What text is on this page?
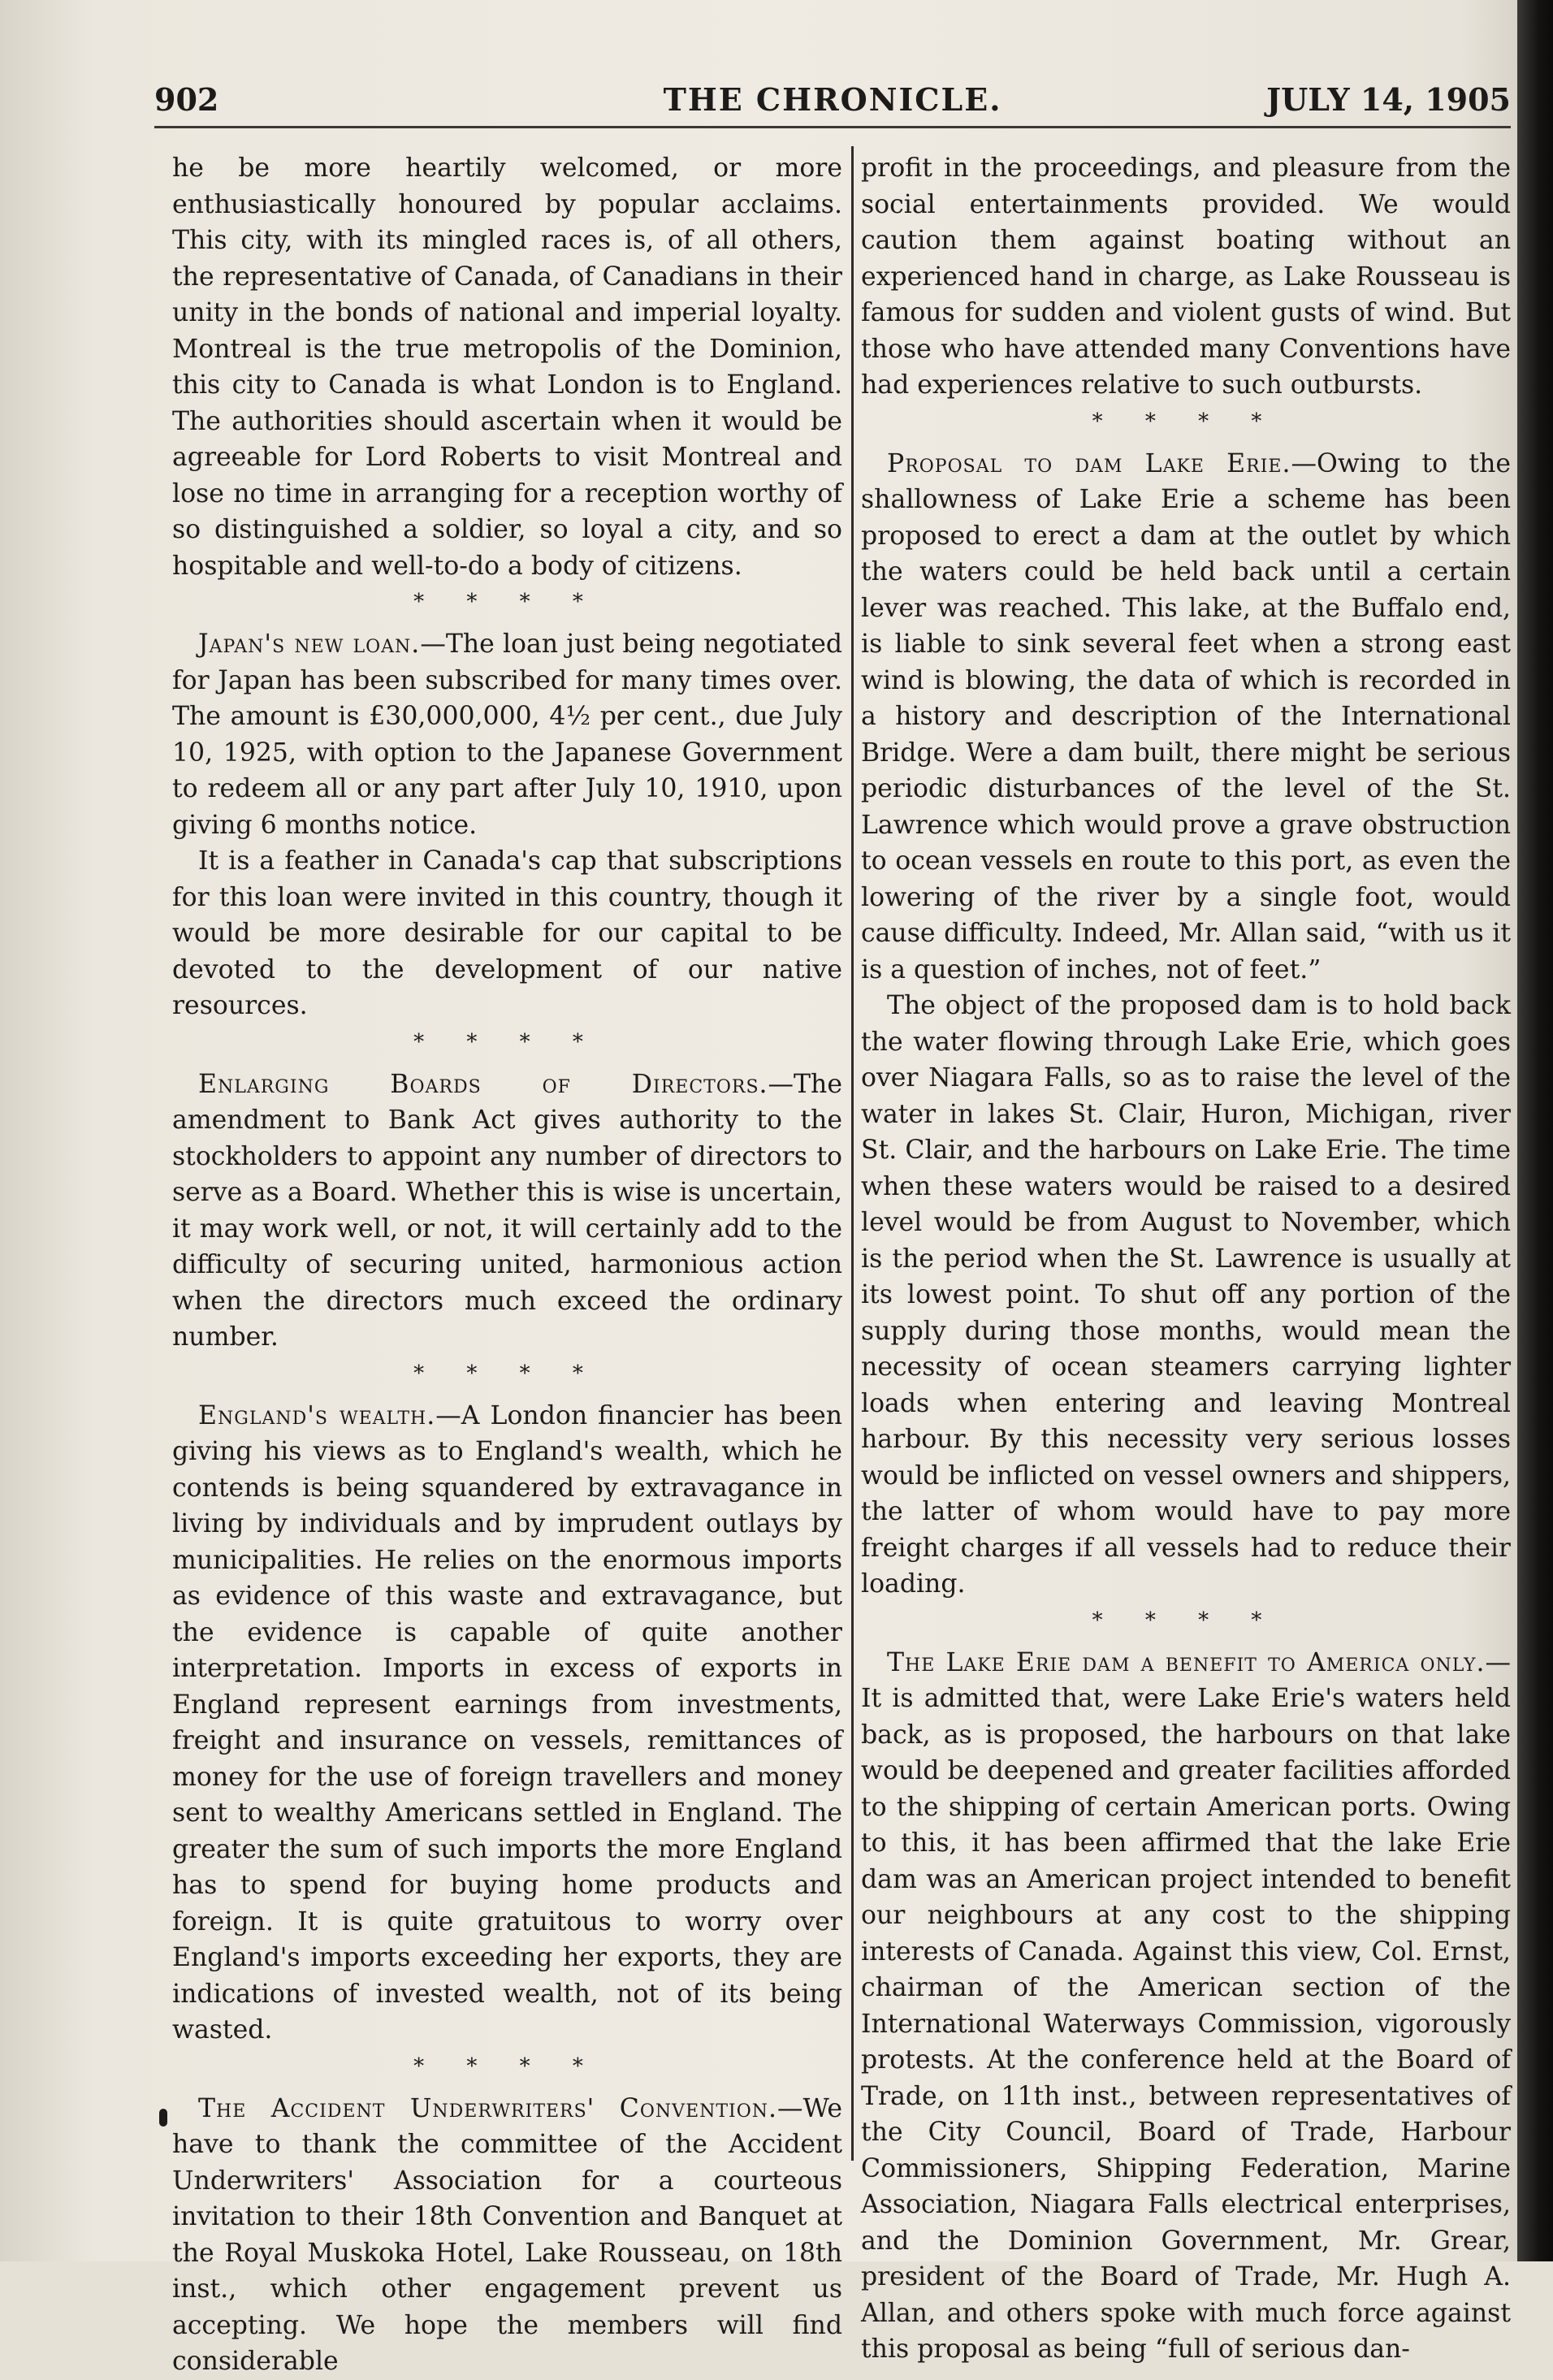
902	THE CHRONICLE.	JULY 14, 1905

he be more heartily welcomed, or more enthusiastically honoured by popular acclaims. This city, with its mingled races is, of all others, the representative of Canada, of Canadians in their unity in the bonds of national and imperial loyalty. Montreal is the true metropolis of the Dominion, this city to Canada is what London is to England. The authorities should ascertain when it would be agreeable for Lord Roberts to visit Montreal and lose no time in arranging for a reception worthy of so distinguished a soldier, so loyal a city, and so hospitable and well-to-do a body of citizens.

* * * *

Japan's new loan.—The loan just being negotiated for Japan has been subscribed for many times over. The amount is £30,000,000, 4½ per cent., due July 10, 1925, with option to the Japanese Government to redeem all or any part after July 10, 1910, upon giving 6 months notice.

It is a feather in Canada's cap that subscriptions for this loan were invited in this country, though it would be more desirable for our capital to be devoted to the development of our native resources.

* * * *

Enlarging Boards of Directors.—The amendment to Bank Act gives authority to the stockholders to appoint any number of directors to serve as a Board. Whether this is wise is uncertain, it may work well, or not, it will certainly add to the difficulty of securing united, harmonious action when the directors much exceed the ordinary number.

* * * *

England's wealth.—A London financier has been giving his views as to England's wealth, which he contends is being squandered by extravagance in living by individuals and by imprudent outlays by municipalities. He relies on the enormous imports as evidence of this waste and extravagance, but the evidence is capable of quite another interpretation. Imports in excess of exports in England represent earnings from investments, freight and insurance on vessels, remittances of money for the use of foreign travellers and money sent to wealthy Americans settled in England. The greater the sum of such imports the more England has to spend for buying home products and foreign. It is quite gratuitous to worry over England's imports exceeding her exports, they are indications of invested wealth, not of its being wasted.

* * * *

The Accident Underwriters' Convention.—We have to thank the committee of the Accident Underwriters' Association for a courteous invitation to their 18th Convention and Banquet at the Royal Muskoka Hotel, Lake Rousseau, on 18th inst., which other engagement prevent us accepting. We hope the members will find considerable

profit in the proceedings, and pleasure from the social entertainments provided. We would caution them against boating without an experienced hand in charge, as Lake Rousseau is famous for sudden and violent gusts of wind. But those who have attended many Conventions have had experiences relative to such outbursts.

* * * *

Proposal to dam Lake Erie.—Owing to the shallowness of Lake Erie a scheme has been proposed to erect a dam at the outlet by which the waters could be held back until a certain lever was reached. This lake, at the Buffalo end, is liable to sink several feet when a strong east wind is blowing, the data of which is recorded in a history and description of the International Bridge. Were a dam built, there might be serious periodic disturbances of the level of the St. Lawrence which would prove a grave obstruction to ocean vessels en route to this port, as even the lowering of the river by a single foot, would cause difficulty. Indeed, Mr. Allan said, “with us it is a question of inches, not of feet.”

The object of the proposed dam is to hold back the water flowing through Lake Erie, which goes over Niagara Falls, so as to raise the level of the water in lakes St. Clair, Huron, Michigan, river St. Clair, and the harbours on Lake Erie. The time when these waters would be raised to a desired level would be from August to November, which is the period when the St. Lawrence is usually at its lowest point. To shut off any portion of the supply during those months, would mean the necessity of ocean steamers carrying lighter loads when entering and leaving Montreal harbour. By this necessity very serious losses would be inflicted on vessel owners and shippers, the latter of whom would have to pay more freight charges if all vessels had to reduce their loading.

* * * *

The Lake Erie dam a benefit to America only.—It is admitted that, were Lake Erie's waters held back, as is proposed, the harbours on that lake would be deepened and greater facilities afforded to the shipping of certain American ports. Owing to this, it has been affirmed that the lake Erie dam was an American project intended to benefit our neighbours at any cost to the shipping interests of Canada. Against this view, Col. Ernst, chairman of the American section of the International Waterways Commission, vigorously protests. At the conference held at the Board of Trade, on 11th inst., between representatives of the City Council, Board of Trade, Harbour Commissioners, Shipping Federation, Marine Association, Niagara Falls electrical enterprises, and the Dominion Government, Mr. Grear, president of the Board of Trade, Mr. Hugh A. Allan, and others spoke with much force against this proposal as being “full of serious dan-
